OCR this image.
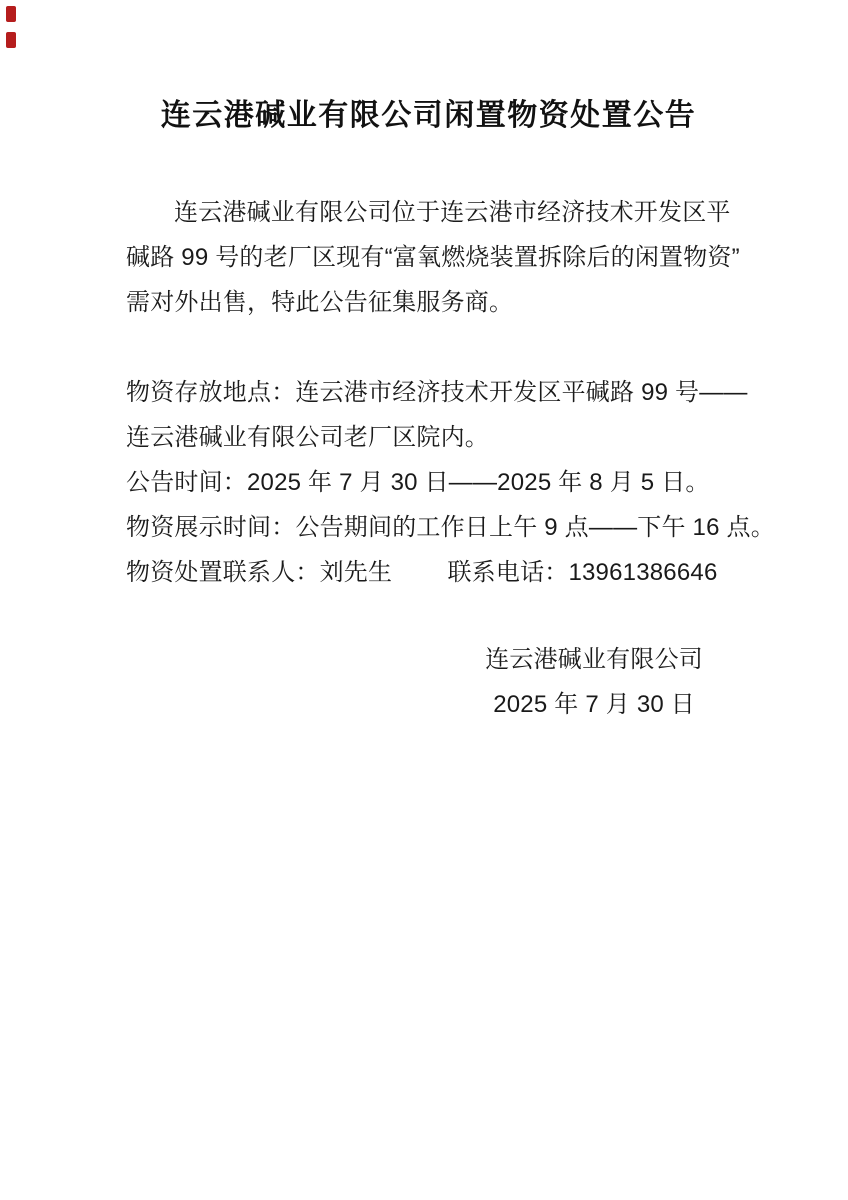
连云港碱业有限公司闲置物资处置公告
连云港碱业有限公司位于连云港市经济技术开发区平
碱路 99 号的老厂区现有“富氧燃烧装置拆除后的闲置物资”
需对外出售，特此公告征集服务商。
物资存放地点：连云港市经济技术开发区平碱路 99 号——
连云港碱业有限公司老厂区院内。
公告时间：2025 年 7 月 30 日——2025 年 8 月 5 日。
物资展示时间：公告期间的工作日上午 9 点——下午 16 点。
物资处置联系人：刘先生　　 联系电话：13961386646
连云港碱业有限公司
2025 年 7 月 30 日
